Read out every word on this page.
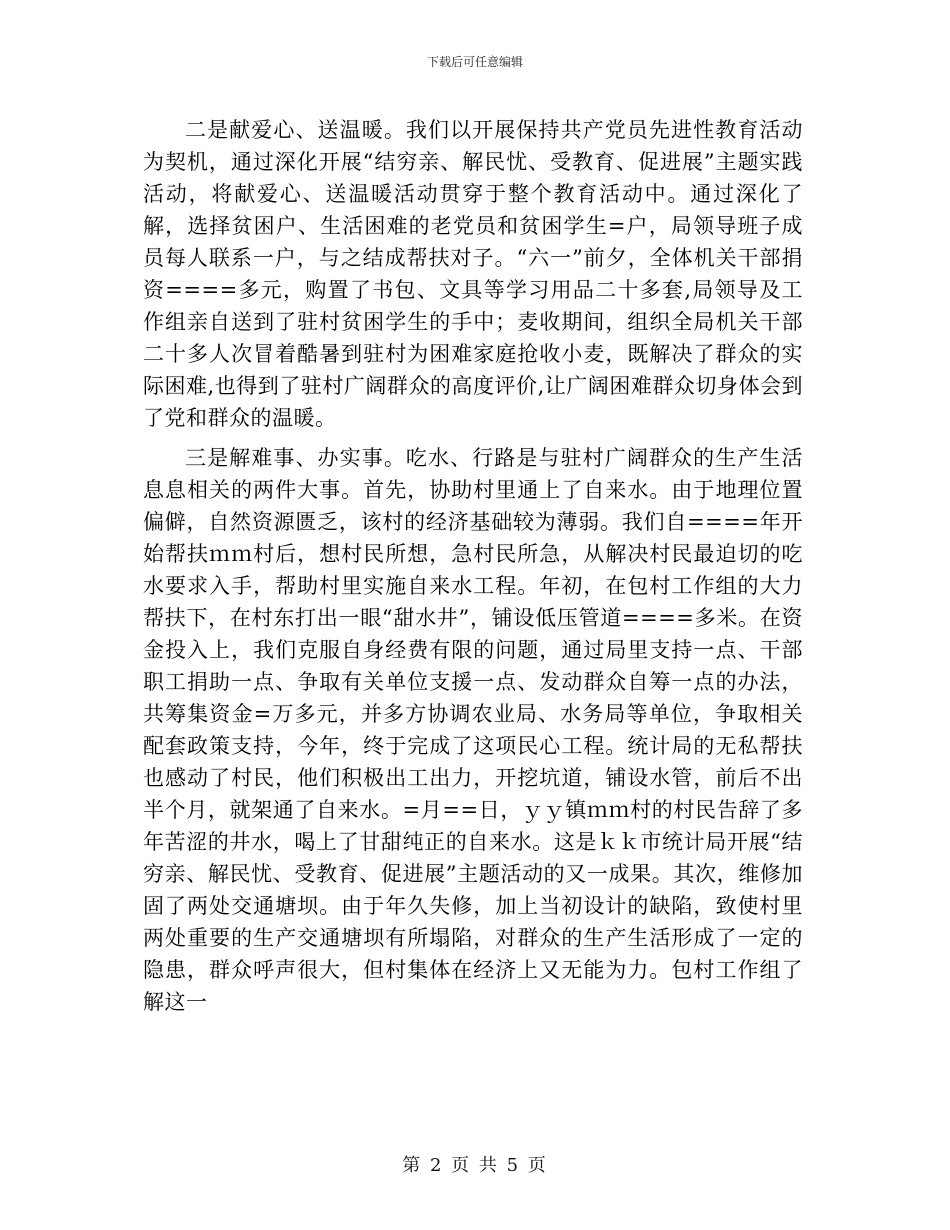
下载后可任意编辑

二是献爱心、送温暖。我们以开展保持共产党员先进性教育活动为契机，通过深化开展“结穷亲、解民忧、受教育、促进展”主题实践活动，将献爱心、送温暖活动贯穿于整个教育活动中。通过深化了解，选择贫困户、生活困难的老党员和贫困学生=户，局领导班子成员每人联系一户，与之结成帮扶对子。“六一”前夕，全体机关干部捐资====多元，购置了书包、文具等学习用品二十多套,局领导及工作组亲自送到了驻村贫困学生的手中；麦收期间，组织全局机关干部二十多人次冒着酷暑到驻村为困难家庭抢收小麦，既解决了群众的实际困难,也得到了驻村广阔群众的高度评价,让广阔困难群众切身体会到了党和群众的温暖。

三是解难事、办实事。吃水、行路是与驻村广阔群众的生产生活息息相关的两件大事。首先，协助村里通上了自来水。由于地理位置偏僻，自然资源匮乏，该村的经济基础较为薄弱。我们自====年开始帮扶ｍｍ村后，想村民所想，急村民所急，从解决村民最迫切的吃水要求入手，帮助村里实施自来水工程。年初，在包村工作组的大力帮扶下，在村东打出一眼“甜水井”，铺设低压管道====多米。在资金投入上，我们克服自身经费有限的问题，通过局里支持一点、干部职工捐助一点、争取有关单位支援一点、发动群众自筹一点的办法，共筹集资金=万多元，并多方协调农业局、水务局等单位，争取相关配套政策支持，今年，终于完成了这项民心工程。统计局的无私帮扶也感动了村民，他们积极出工出力，开挖坑道，铺设水管，前后不出半个月，就架通了自来水。=月==日，ｙｙ镇ｍｍ村的村民告辞了多年苦涩的井水，喝上了甘甜纯正的自来水。这是ｋｋ市统计局开展“结穷亲、解民忧、受教育、促进展”主题活动的又一成果。其次，维修加固了两处交通塘坝。由于年久失修，加上当初设计的缺陷，致使村里两处重要的生产交通塘坝有所塌陷，对群众的生产生活形成了一定的隐患，群众呼声很大，但村集体在经济上又无能为力。包村工作组了解这一

第 2 页 共 5 页
